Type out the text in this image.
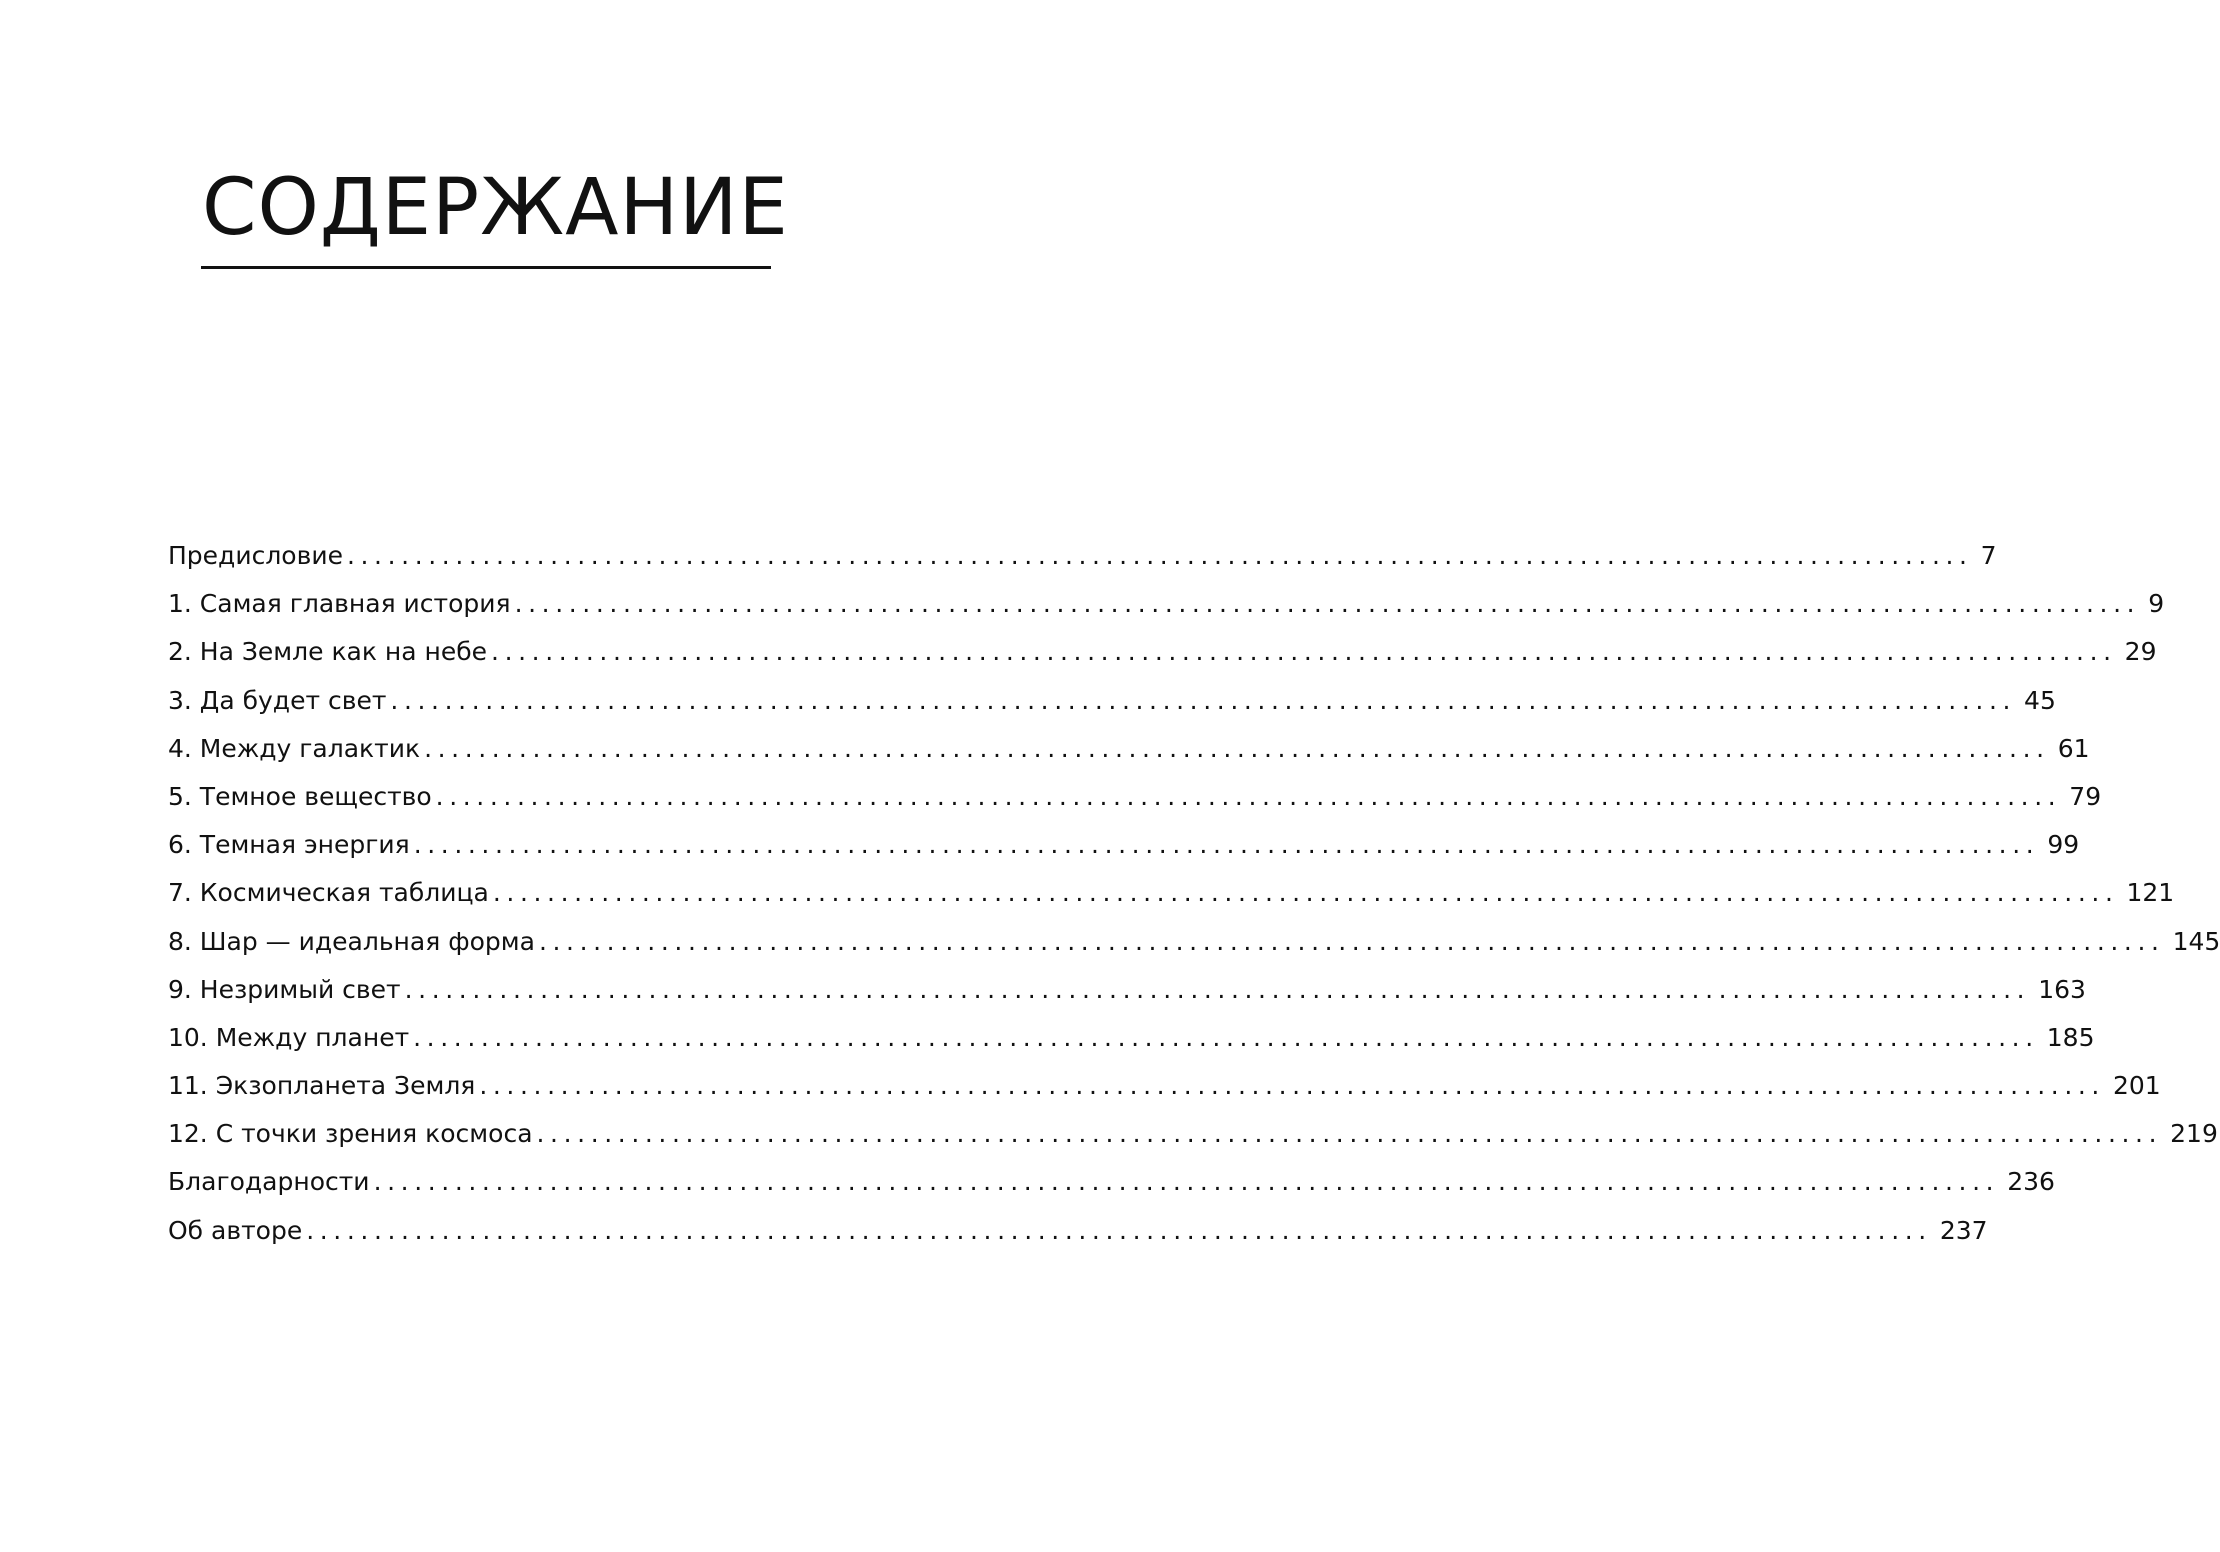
СОДЕРЖАНИЕ
Предисловие ........................................................................................................................ 7
1. Самая главная история ........................................................................................................................ 9
2. На Земле как на небе ........................................................................................................................ 29
3. Да будет свет ........................................................................................................................ 45
4. Между галактик ........................................................................................................................ 61
5. Темное вещество ........................................................................................................................ 79
6. Темная энергия ........................................................................................................................ 99
7. Космическая таблица ........................................................................................................................ 121
8. Шар — идеальная форма ........................................................................................................................ 145
9. Незримый свет ........................................................................................................................ 163
10. Между планет ........................................................................................................................ 185
11. Экзопланета Земля ........................................................................................................................ 201
12. С точки зрения космоса ........................................................................................................................ 219
Благодарности ........................................................................................................................ 236
Об авторе ........................................................................................................................ 237
